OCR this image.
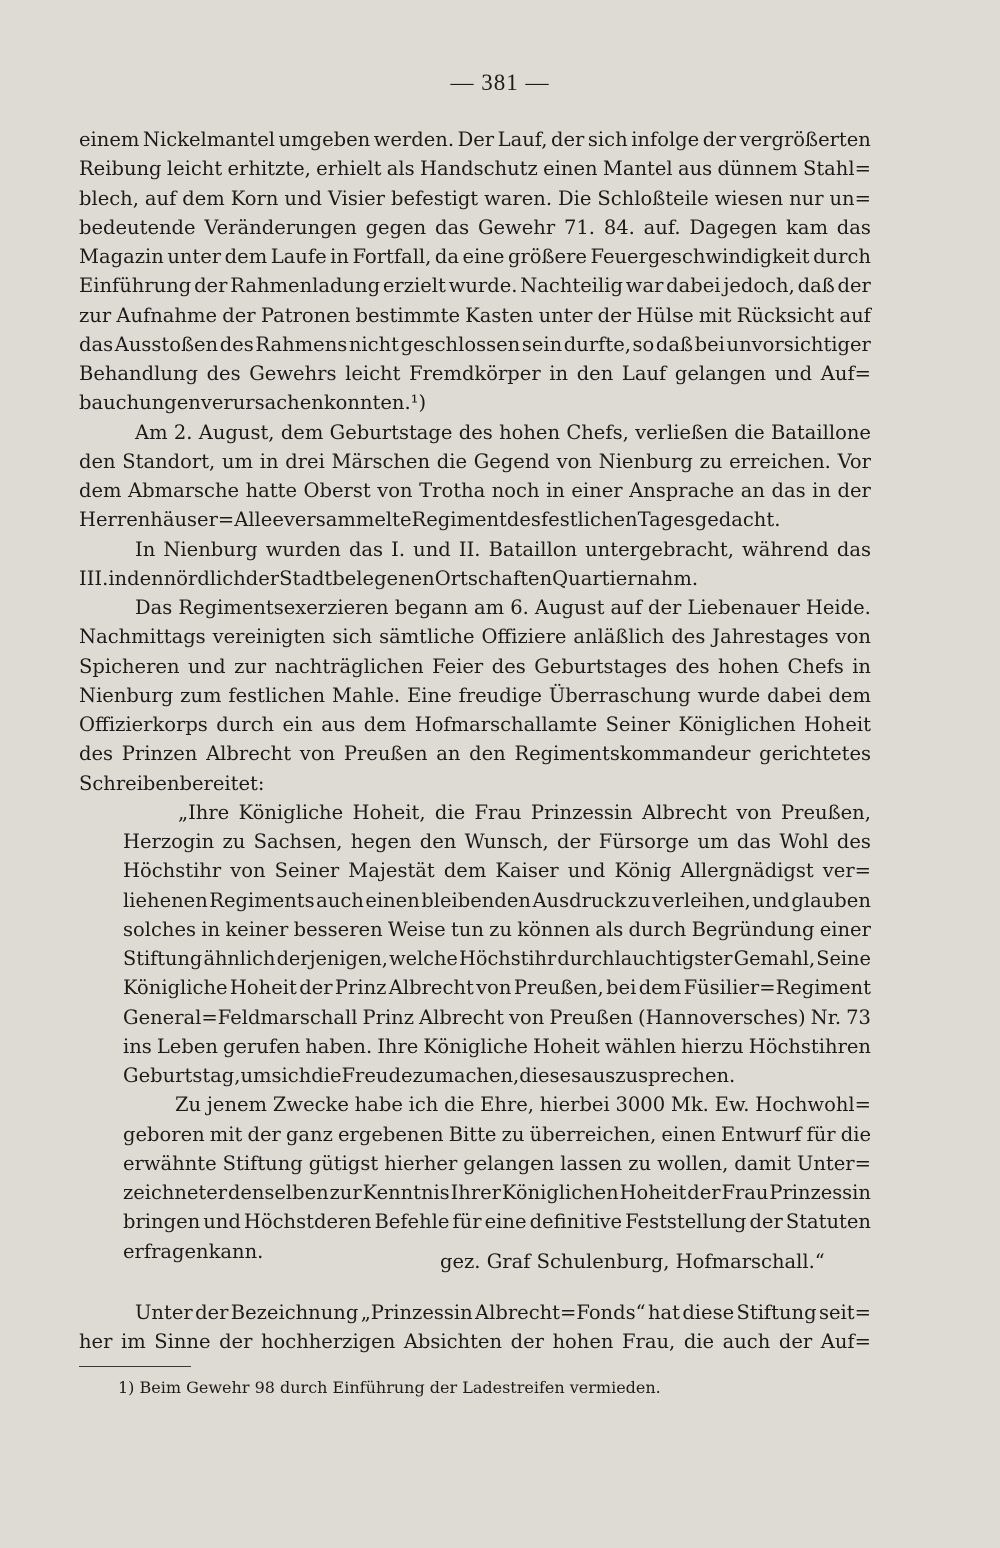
— 381 —
einem Nickelmantel umgeben werden. Der Lauf, der sich infolge der vergrößerten
Reibung leicht erhitzte, erhielt als Handschutz einen Mantel aus dünnem Stahl=
blech, auf dem Korn und Visier befestigt waren. Die Schloßteile wiesen nur un=
bedeutende Veränderungen gegen das Gewehr 71. 84. auf. Dagegen kam das
Magazin unter dem Laufe in Fortfall, da eine größere Feuergeschwindigkeit durch
Einführung der Rahmenladung erzielt wurde. Nachteilig war dabei jedoch, daß der
zur Aufnahme der Patronen bestimmte Kasten unter der Hülse mit Rücksicht auf
das Ausstoßen des Rahmens nicht geschlossen sein durfte, so daß bei unvorsichtiger
Behandlung des Gewehrs leicht Fremdkörper in den Lauf gelangen und Auf=
bauchungen verursachen konnten.¹)
Am 2. August, dem Geburtstage des hohen Chefs, verließen die Bataillone
den Standort, um in drei Märschen die Gegend von Nienburg zu erreichen. Vor
dem Abmarsche hatte Oberst von Trotha noch in einer Ansprache an das in der
Herrenhäuser=Allee versammelte Regiment des festlichen Tages gedacht.
In Nienburg wurden das I. und II. Bataillon untergebracht, während das
III. in den nördlich der Stadt belegenen Ortschaften Quartier nahm.
Das Regimentsexerzieren begann am 6. August auf der Liebenauer Heide.
Nachmittags vereinigten sich sämtliche Offiziere anläßlich des Jahrestages von
Spicheren und zur nachträglichen Feier des Geburtstages des hohen Chefs in
Nienburg zum festlichen Mahle. Eine freudige Überraschung wurde dabei dem
Offizierkorps durch ein aus dem Hofmarschallamte Seiner Königlichen Hoheit
des Prinzen Albrecht von Preußen an den Regimentskommandeur gerichtetes
Schreiben bereitet:
„Ihre Königliche Hoheit, die Frau Prinzessin Albrecht von Preußen,
Herzogin zu Sachsen, hegen den Wunsch, der Fürsorge um das Wohl des
Höchstihr von Seiner Majestät dem Kaiser und König Allergnädigst ver=
liehenen Regiments auch einen bleibenden Ausdruck zu verleihen, und glauben
solches in keiner besseren Weise tun zu können als durch Begründung einer
Stiftung ähnlich derjenigen, welche Höchstihr durchlauchtigster Gemahl, Seine
Königliche Hoheit der Prinz Albrecht von Preußen, bei dem Füsilier=Regiment
General=Feldmarschall Prinz Albrecht von Preußen (Hannoversches) Nr. 73
ins Leben gerufen haben. Ihre Königliche Hoheit wählen hierzu Höchstihren
Geburtstag, um sich die Freude zu machen, dieses auszusprechen.
Zu jenem Zwecke habe ich die Ehre, hierbei 3000 Mk. Ew. Hochwohl=
geboren mit der ganz ergebenen Bitte zu überreichen, einen Entwurf für die
erwähnte Stiftung gütigst hierher gelangen lassen zu wollen, damit Unter=
zeichneter denselben zur Kenntnis Ihrer Königlichen Hoheit der Frau Prinzessin
bringen und Höchstderen Befehle für eine definitive Feststellung der Statuten
erfragen kann.	gez. Graf Schulenburg, Hofmarschall.“
Unter der Bezeichnung „Prinzessin Albrecht=Fonds“ hat diese Stiftung seit=
her im Sinne der hochherzigen Absichten der hohen Frau, die auch der Auf=
1) Beim Gewehr 98 durch Einführung der Ladestreifen vermieden.
